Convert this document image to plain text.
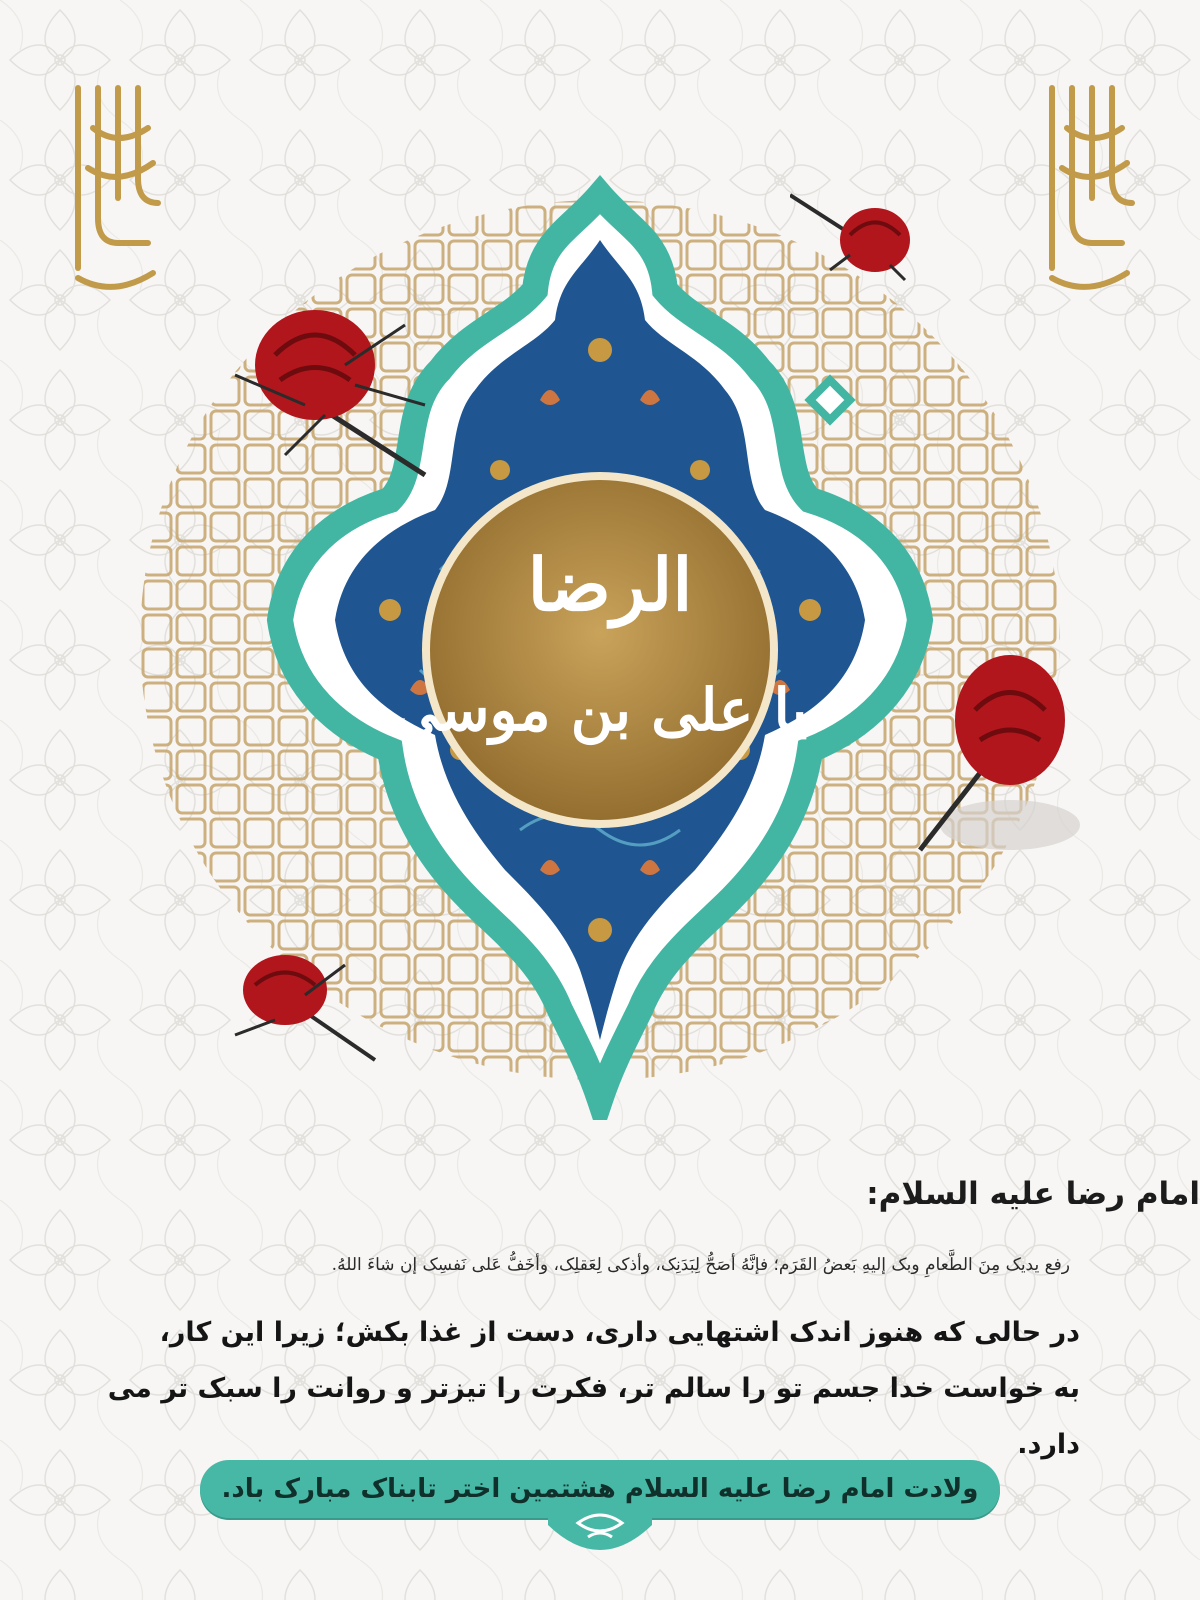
السلام علیه الرضا	السلام علیه الرضا
الرضا
یا علی بن موسی
امام رضا علیه السلام:
رفع یدیک مِنَ الطَّعامِ وبک إلیهِ بَعضُ القَرَم؛ فإنَّهُ أصَحُّ لِبَدَنِک، وأذکی لِعَقلِک، وأخَفُّ عَلی نَفسِک إن شاءَ اللهُ.
در حالی که هنوز اندک اشتهایی داری، دست از غذا بکش؛ زیرا این کار،
به خواست خدا جسم تو را سالم تر، فکرت را تیزتر و روانت را سبک تر می دارد.
ولادت امام رضا علیه السلام هشتمین اختر تابناک مبارک باد.
